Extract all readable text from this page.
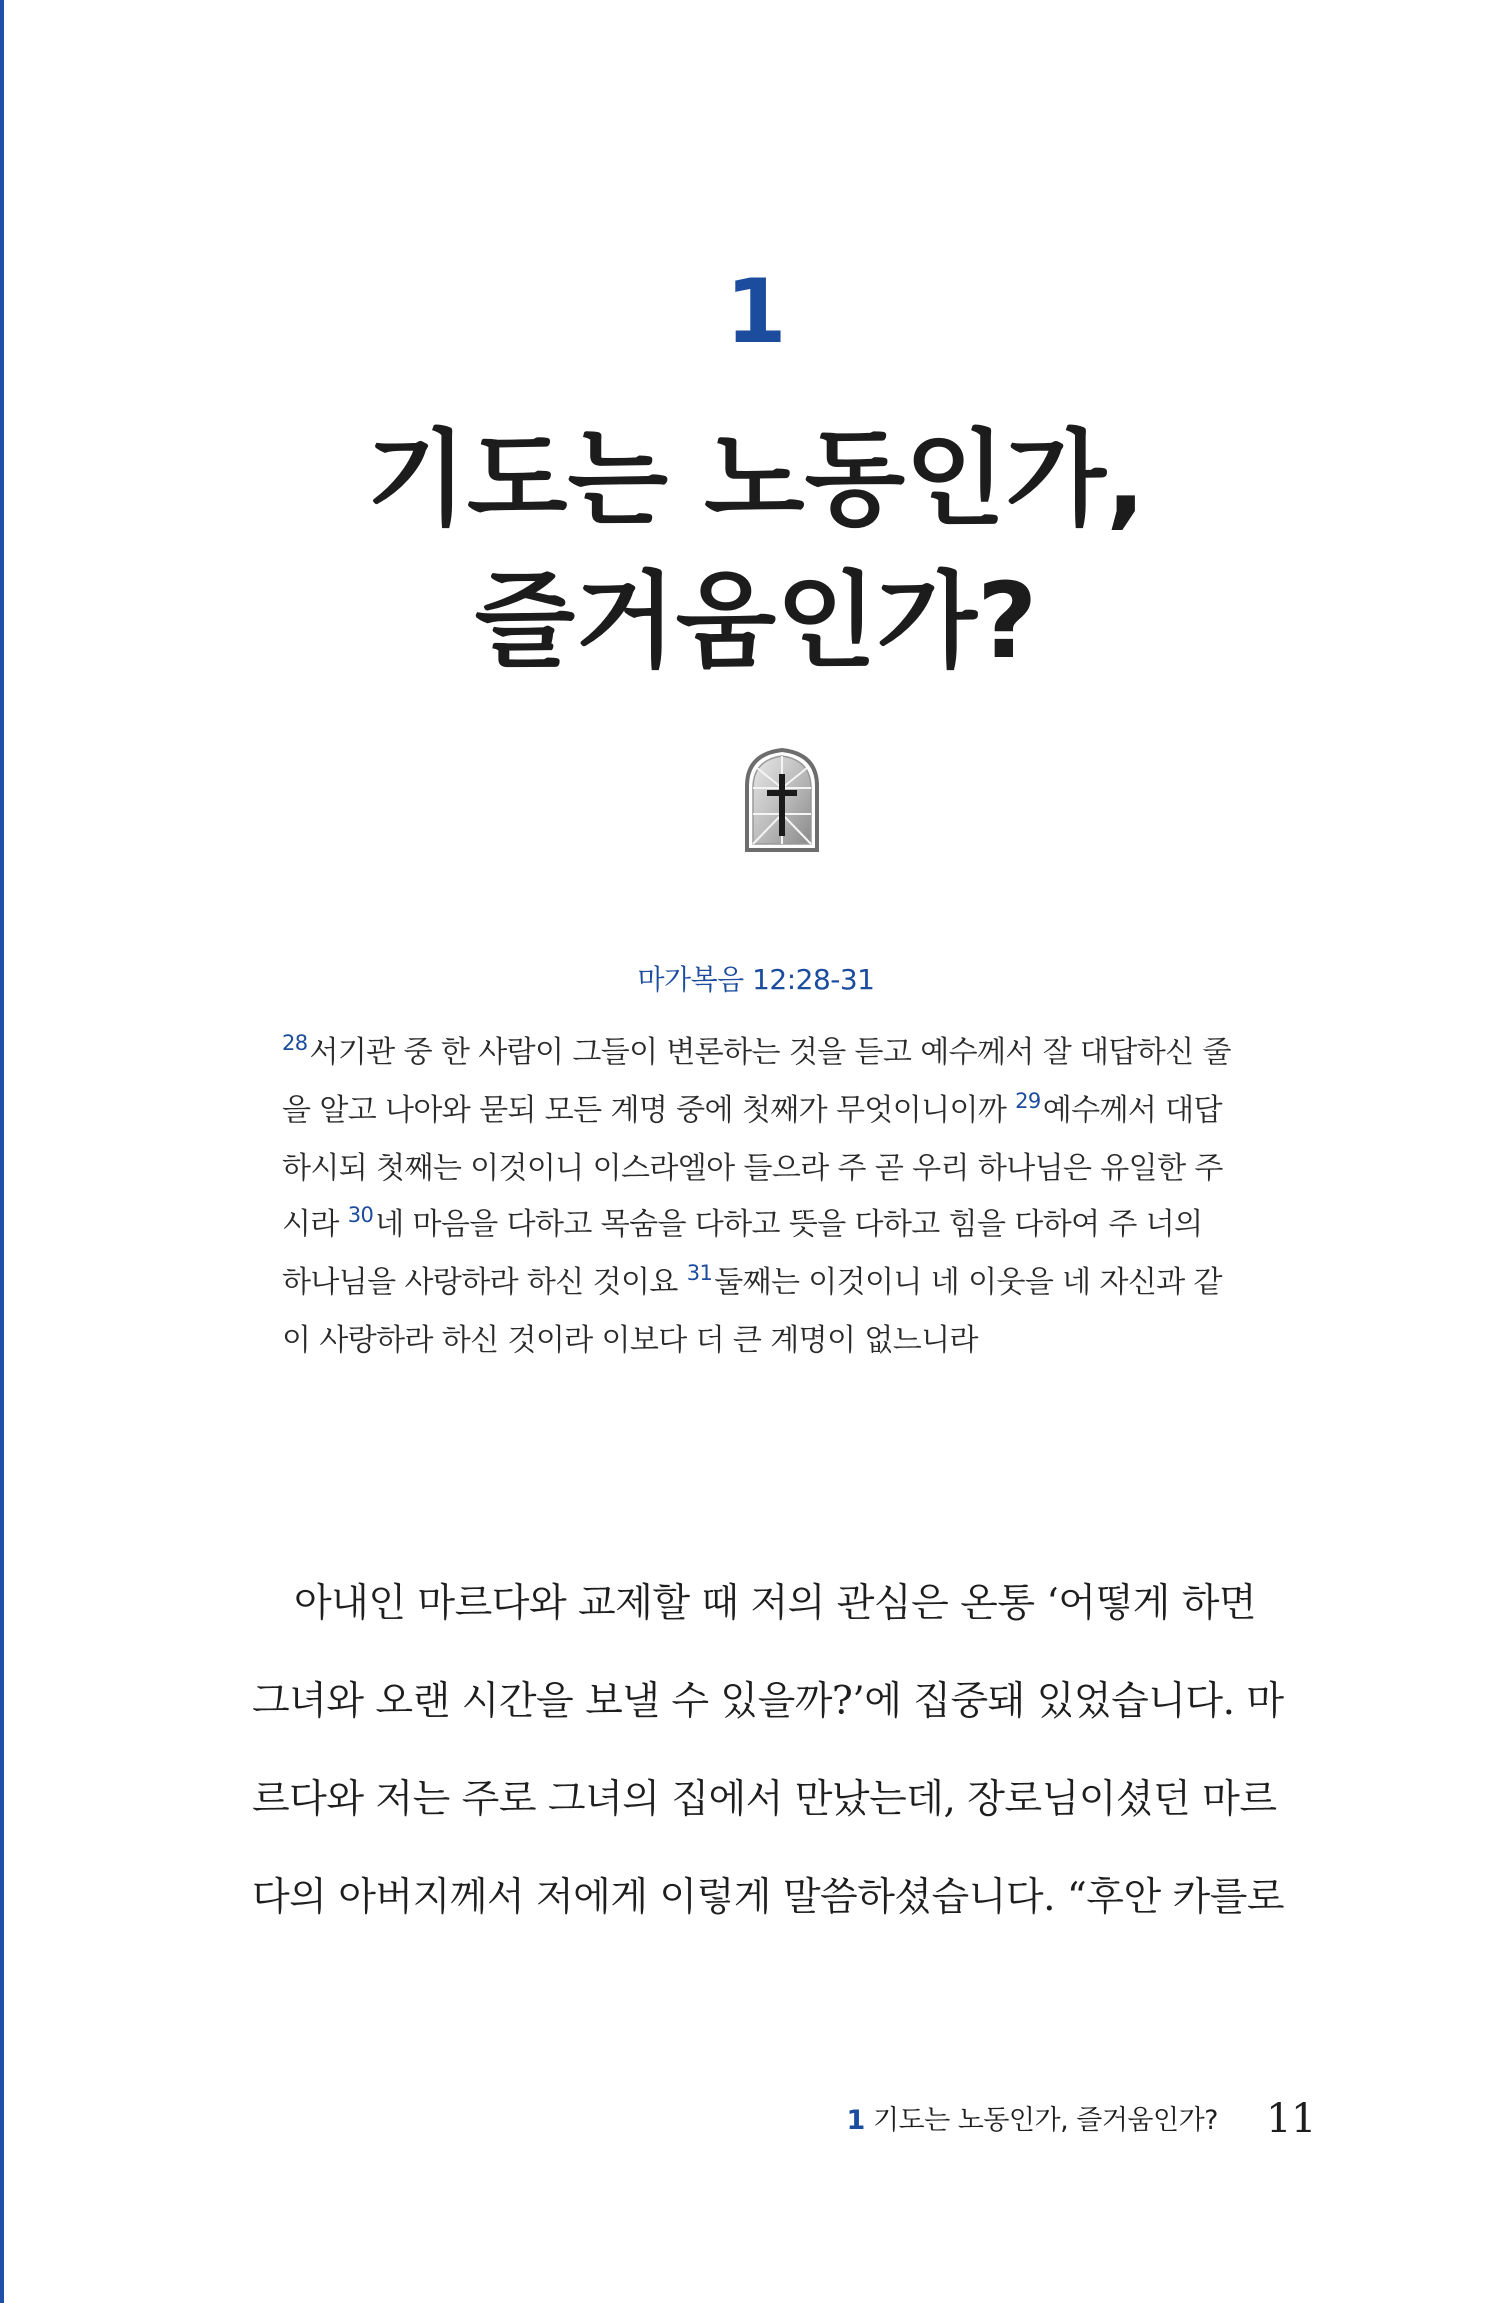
1
기도는 노동인가,
즐거움인가?
마가복음 12:28-31
$^{28}$서기관 중 한 사람이 그들이 변론하는 것을 듣고 예수께서 잘 대답하신 줄
을 알고 나아와 묻되 모든 계명 중에 첫째가 무엇이니이까 $^{29}$예수께서 대답
하시되 첫째는 이것이니 이스라엘아 들으라 주 곧 우리 하나님은 유일한 주
시라 $^{30}$네 마음을 다하고 목숨을 다하고 뜻을 다하고 힘을 다하여 주 너의
하나님을 사랑하라 하신 것이요 $^{31}$둘째는 이것이니 네 이웃을 네 자신과 같
이 사랑하라 하신 것이라 이보다 더 큰 계명이 없느니라
아내인 마르다와 교제할 때 저의 관심은 온통 ‘어떻게 하면
그녀와 오랜 시간을 보낼 수 있을까?’에 집중돼 있었습니다. 마
르다와 저는 주로 그녀의 집에서 만났는데, 장로님이셨던 마르
다의 아버지께서 저에게 이렇게 말씀하셨습니다. “후안 카를로
1 기도는 노동인가, 즐거움인가? 11
